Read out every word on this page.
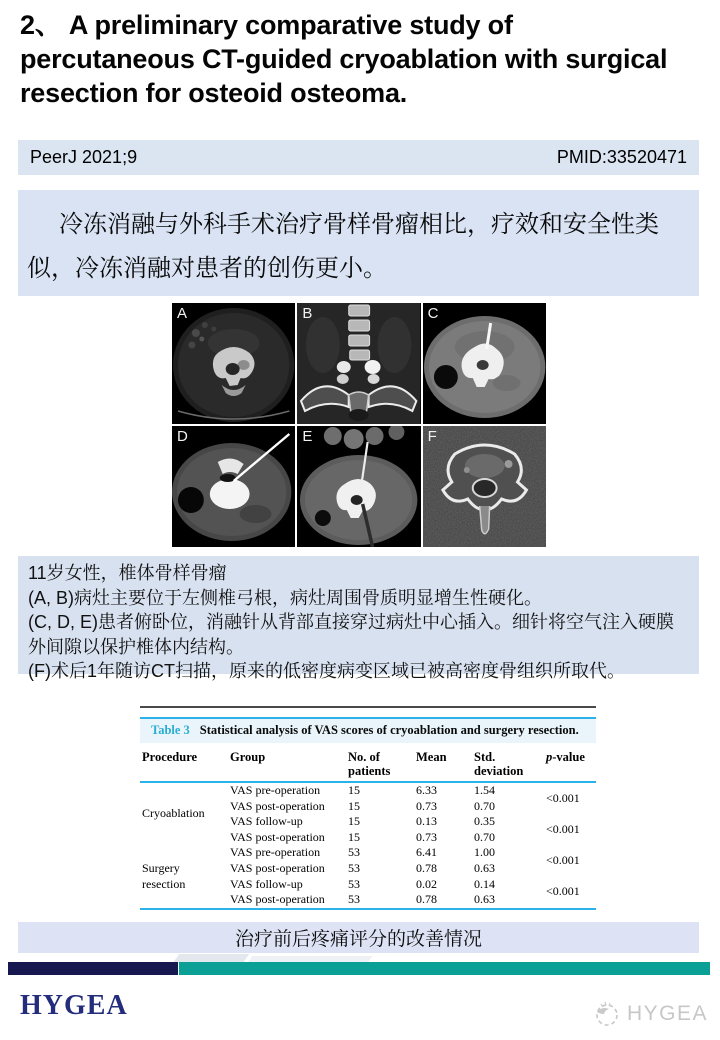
2、 A preliminary comparative study of
percutaneous CT-guided cryoablation with surgical
resection for osteoid osteoma.
PeerJ 2021;9	PMID:33520471

冷冻消融与外科手术治疗骨样骨瘤相比，疗效和安全性类似，冷冻消融对患者的创伤更小。

A	B	C
D	E	F

11岁女性，椎体骨样骨瘤

(A, B)病灶主要位于左侧椎弓根，病灶周围骨质明显增生性硬化。

(C, D, E)患者俯卧位，消融针从背部直接穿过病灶中心插入。细针将空气注入硬膜外间隙以保护椎体内结构。

(F)术后1年随访CT扫描，原来的低密度病变区域已被高密度骨组织所取代。

Table 3 Statistical analysis of VAS scores of cryoablation and surgery resection.
Procedure	Group	No. of patients	Mean	Std. deviation	p-value
Cryoablation	VAS pre-operation	15	6.33	1.54	<0.001
	VAS post-operation	15	0.73	0.70	
	VAS follow-up	15	0.13	0.35	<0.001
	VAS post-operation	15	0.73	0.70	
Surgery resection	VAS pre-operation	53	6.41	1.00	<0.001
	VAS post-operation	53	0.78	0.63	
	VAS follow-up	53	0.02	0.14	<0.001
	VAS post-operation	53	0.78	0.63	
治疗前后疼痛评分的改善情况
HYGEA	HYGEA
